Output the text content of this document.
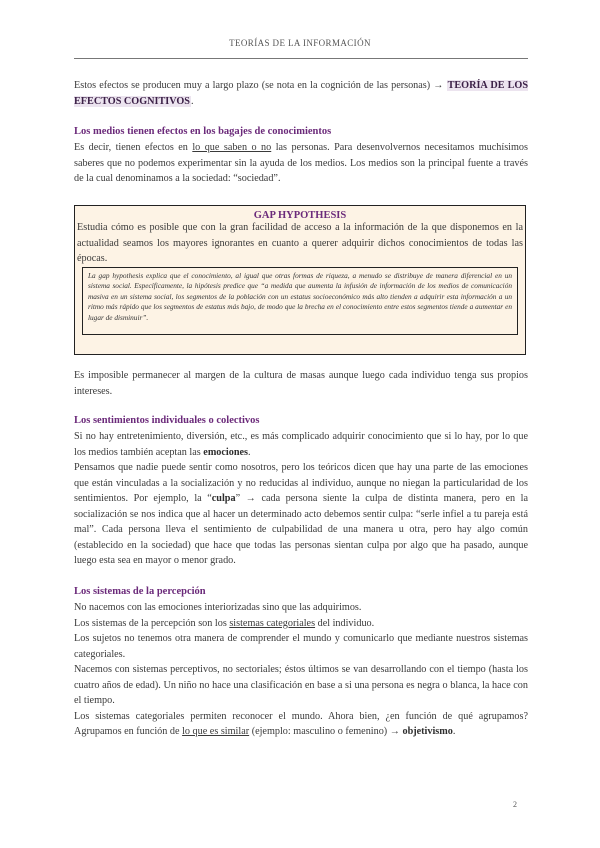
TEORÍAS DE LA INFORMACIÓN

Estos efectos se producen muy a largo plazo (se nota en la cognición de las personas) → TEORÍA DE LOS EFECTOS COGNITIVOS.

Los medios tienen efectos en los bagajes de conocimientos

Es decir, tienen efectos en lo que saben o no las personas. Para desenvolvernos necesitamos muchísimos saberes que no podemos experimentar sin la ayuda de los medios. Los medios son la principal fuente a través de la cual denominamos a la sociedad: “sociedad”.

GAP HYPOTHESIS

Estudia cómo es posible que con la gran facilidad de acceso a la información de la que disponemos en la actualidad seamos los mayores ignorantes en cuanto a querer adquirir dichos conocimientos de todas las épocas.

La gap hypothesis explica que el conocimiento, al igual que otras formas de riqueza, a menudo se distribuye de manera diferencial en un sistema social. Específicamente, la hipótesis predice que “a medida que aumenta la infusión de información de los medios de comunicación masiva en un sistema social, los segmentos de la población con un estatus socioeconómico más alto tienden a adquirir esta información a un ritmo más rápido que los segmentos de estatus más bajo, de modo que la brecha en el conocimiento entre estos segmentos tiende a aumentar en lugar de disminuir”.

Es imposible permanecer al margen de la cultura de masas aunque luego cada individuo tenga sus propios intereses.

Los sentimientos individuales o colectivos

Si no hay entretenimiento, diversión, etc., es más complicado adquirir conocimiento que si lo hay, por lo que los medios también aceptan las emociones.

Pensamos que nadie puede sentir como nosotros, pero los teóricos dicen que hay una parte de las emociones que están vinculadas a la socialización y no reducidas al individuo, aunque no niegan la particularidad de los sentimientos. Por ejemplo, la “culpa” → cada persona siente la culpa de distinta manera, pero en la socialización se nos indica que al hacer un determinado acto debemos sentir culpa: “serle infiel a tu pareja está mal”. Cada persona lleva el sentimiento de culpabilidad de una manera u otra, pero hay algo común (establecido en la sociedad) que hace que todas las personas sientan culpa por algo que ha pasado, aunque luego esta sea en mayor o menor grado.

Los sistemas de la percepción

No nacemos con las emociones interiorizadas sino que las adquirimos.

Los sistemas de la percepción son los sistemas categoriales del individuo.

Los sujetos no tenemos otra manera de comprender el mundo y comunicarlo que mediante nuestros sistemas categoriales.

Nacemos con sistemas perceptivos, no sectoriales; éstos últimos se van desarrollando con el tiempo (hasta los cuatro años de edad). Un niño no hace una clasificación en base a si una persona es negra o blanca, la hace con el tiempo.

Los sistemas categoriales permiten reconocer el mundo. Ahora bien, ¿en función de qué agrupamos? Agrupamos en función de lo que es similar (ejemplo: masculino o femenino) → objetivismo.

2
